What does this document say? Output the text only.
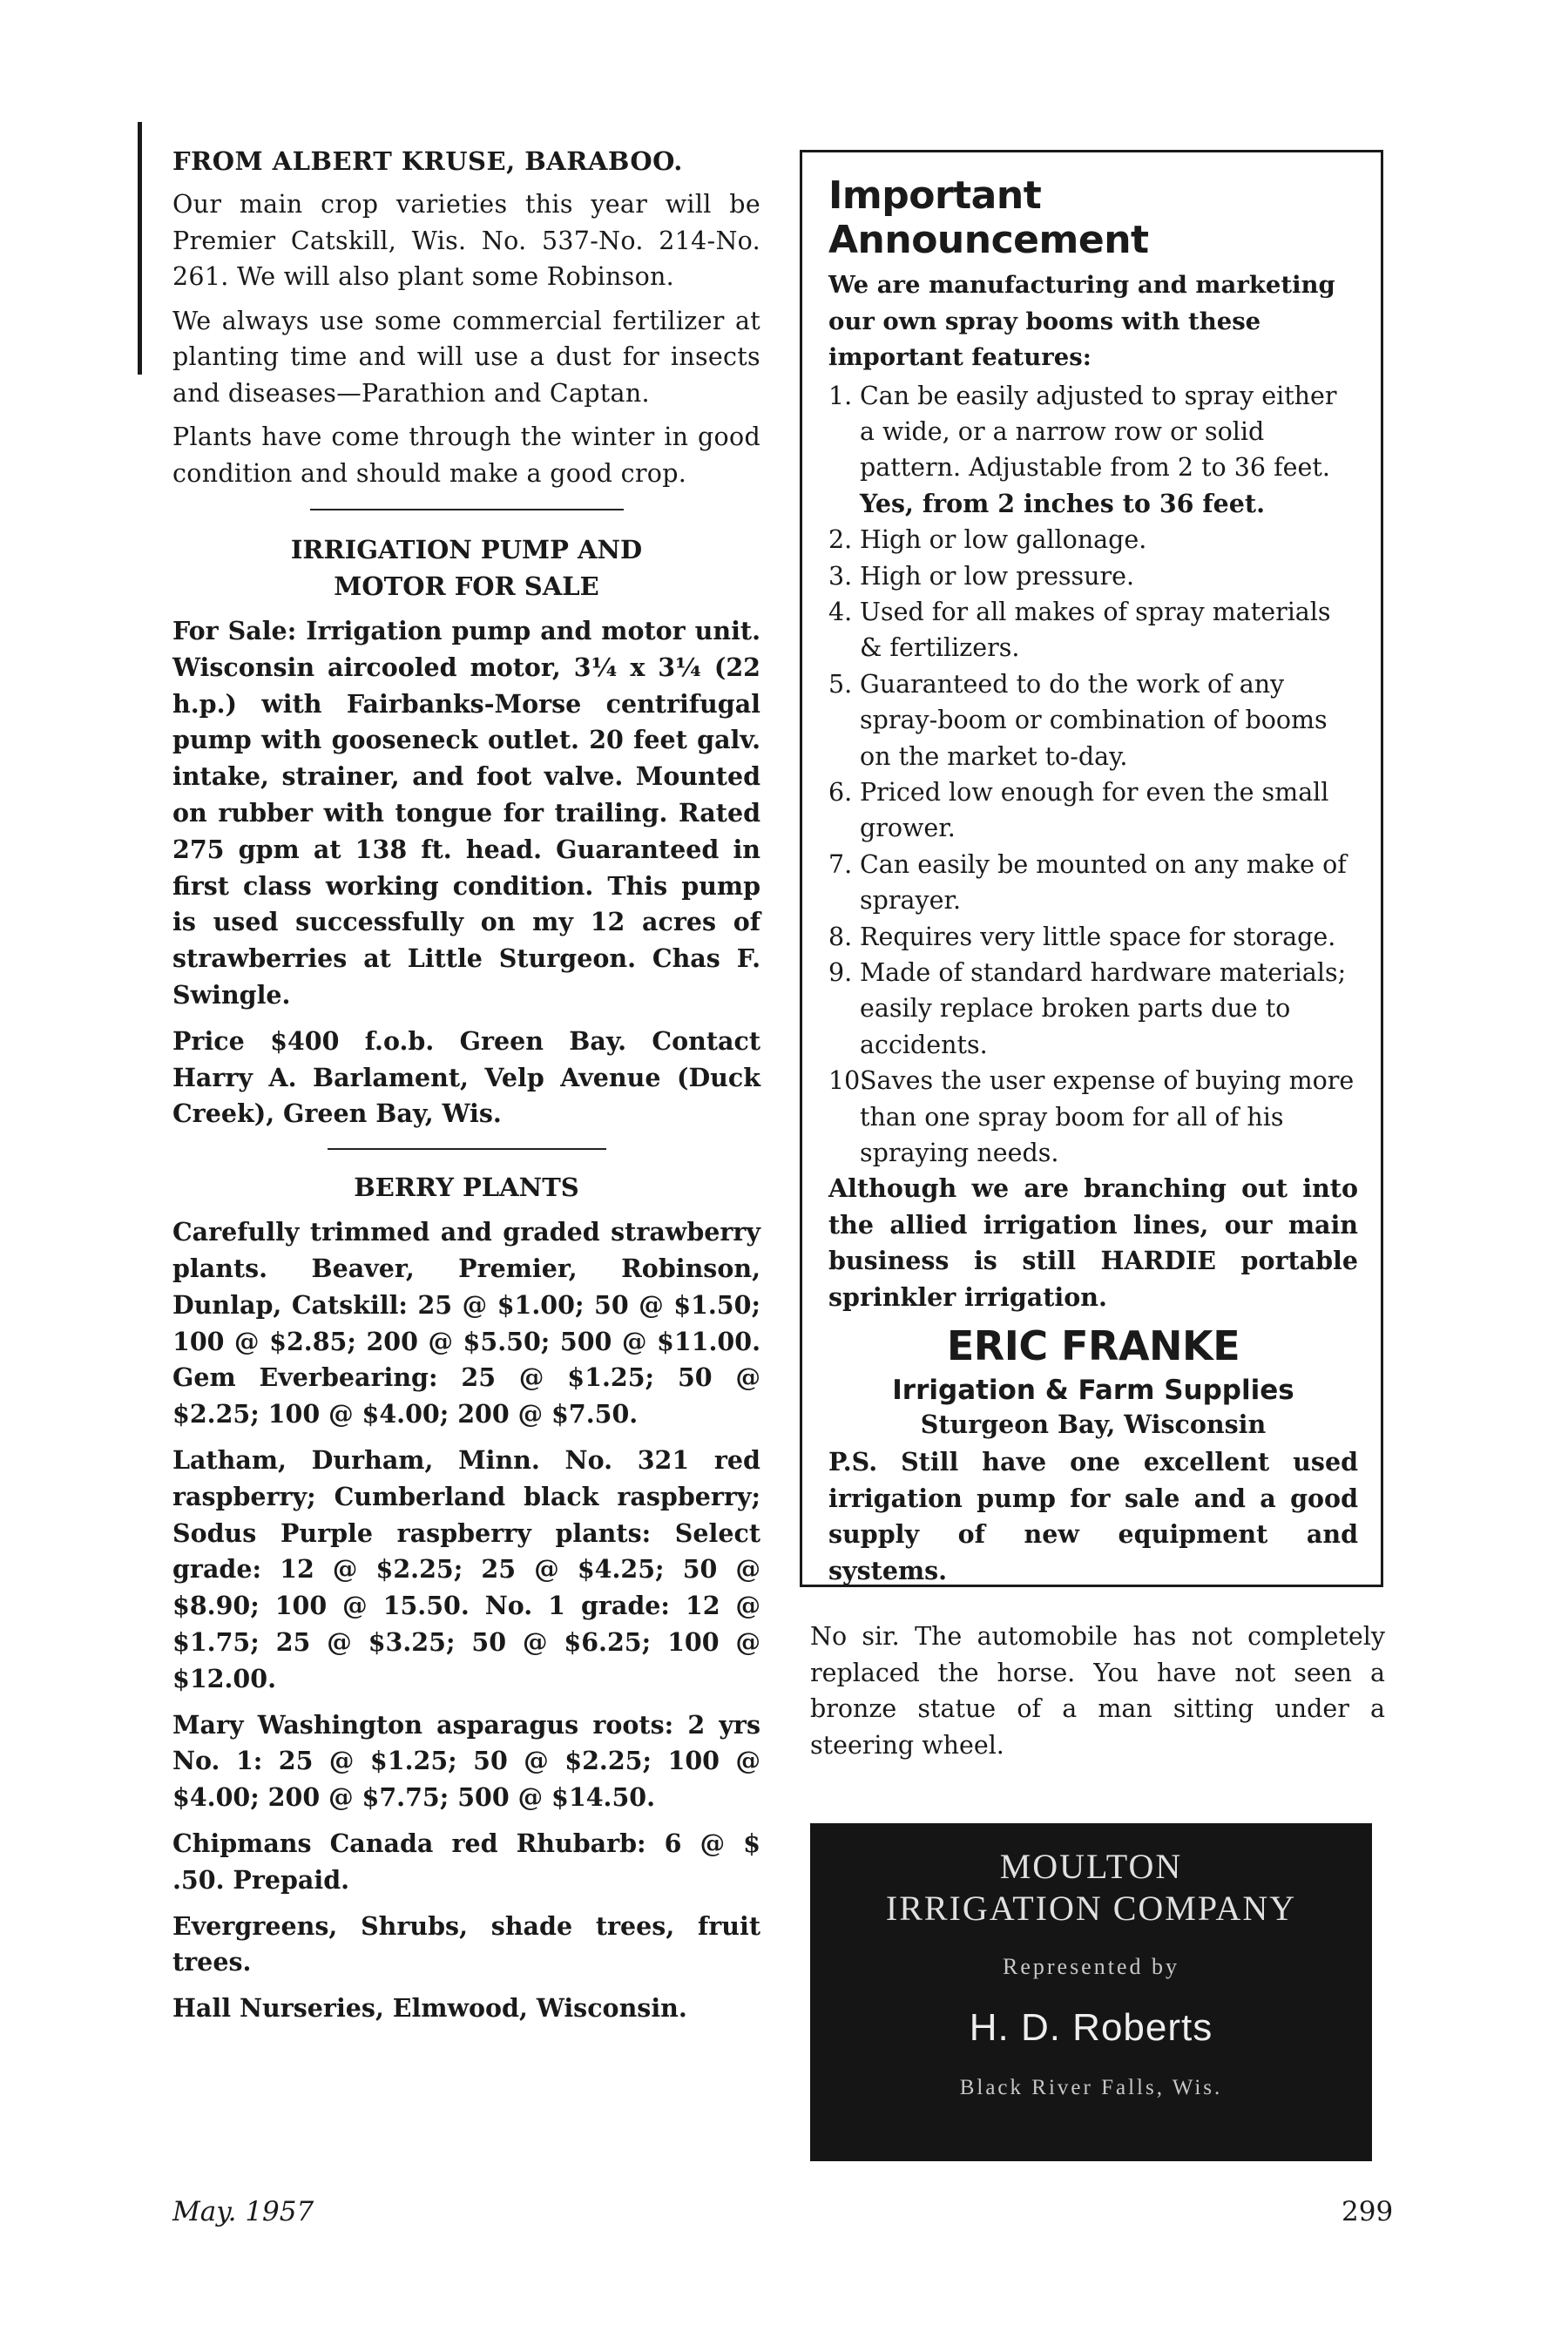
FROM ALBERT KRUSE, BARABOO.

Our main crop varieties this year will be Premier Catskill, Wis. No. 537-No. 214-No. 261. We will also plant some Robinson.

We always use some commercial fertilizer at planting time and will use a dust for insects and diseases—Parathion and Captan.

Plants have come through the winter in good condition and should make a good crop.

IRRIGATION PUMP AND
MOTOR FOR SALE

For Sale: Irrigation pump and motor unit. Wisconsin aircooled motor, 3¼ x 3¼ (22 h.p.) with Fairbanks-Morse centrifugal pump with gooseneck outlet. 20 feet galv. intake, strainer, and foot valve. Mounted on rubber with tongue for trailing. Rated 275 gpm at 138 ft. head. Guaranteed in first class working condition. This pump is used successfully on my 12 acres of strawberries at Little Sturgeon. Chas F. Swingle.

Price $400 f.o.b. Green Bay. Contact Harry A. Barlament, Velp Avenue (Duck Creek), Green Bay, Wis.

BERRY PLANTS

Carefully trimmed and graded strawberry plants. Beaver, Premier, Robinson, Dunlap, Catskill: 25 @ $1.00; 50 @ $1.50; 100 @ $2.85; 200 @ $5.50; 500 @ $11.00. Gem Everbearing: 25 @ $1.25; 50 @ $2.25; 100 @ $4.00; 200 @ $7.50.

Latham, Durham, Minn. No. 321 red raspberry; Cumberland black raspberry; Sodus Purple raspberry plants: Select grade: 12 @ $2.25; 25 @ $4.25; 50 @ $8.90; 100 @ 15.50. No. 1 grade: 12 @ $1.75; 25 @ $3.25; 50 @ $6.25; 100 @ $12.00.

Mary Washington asparagus roots: 2 yrs No. 1: 25 @ $1.25; 50 @ $2.25; 100 @ $4.00; 200 @ $7.75; 500 @ $14.50.

Chipmans Canada red Rhubarb: 6 @ $ .50. Prepaid.

Evergreens, Shrubs, shade trees, fruit trees.

Hall Nurseries, Elmwood, Wisconsin.

Important Announcement

We are manufacturing and marketing our own spray booms with these important features:

1. Can be easily adjusted to spray either a wide, or a narrow row or solid pattern. Adjustable from 2 to 36 feet. Yes, from 2 inches to 36 feet.
2. High or low gallonage.
3. High or low pressure.
4. Used for all makes of spray materials & fertilizers.
5. Guaranteed to do the work of any spray-boom or combination of booms on the market to-day.
6. Priced low enough for even the small grower.
7. Can easily be mounted on any make of sprayer.
8. Requires very little space for storage.
9. Made of standard hardware materials; easily replace broken parts due to accidents.
10.
Saves the user expense of buying more than one spray boom for all of his spraying needs.

Although we are branching out into the allied irrigation lines, our main business is still HARDIE portable sprinkler irrigation.

ERIC FRANKE

Irrigation & Farm Supplies

Sturgeon Bay, Wisconsin

P.S. Still have one excellent used irrigation pump for sale and a good supply of new equipment and systems.

No sir. The automobile has not completely replaced the horse. You have not seen a bronze statue of a man sitting under a steering wheel.

MOULTON
IRRIGATION COMPANY
Represented by
H. D. Roberts
Black River Falls, Wis.
May. 1957	299
